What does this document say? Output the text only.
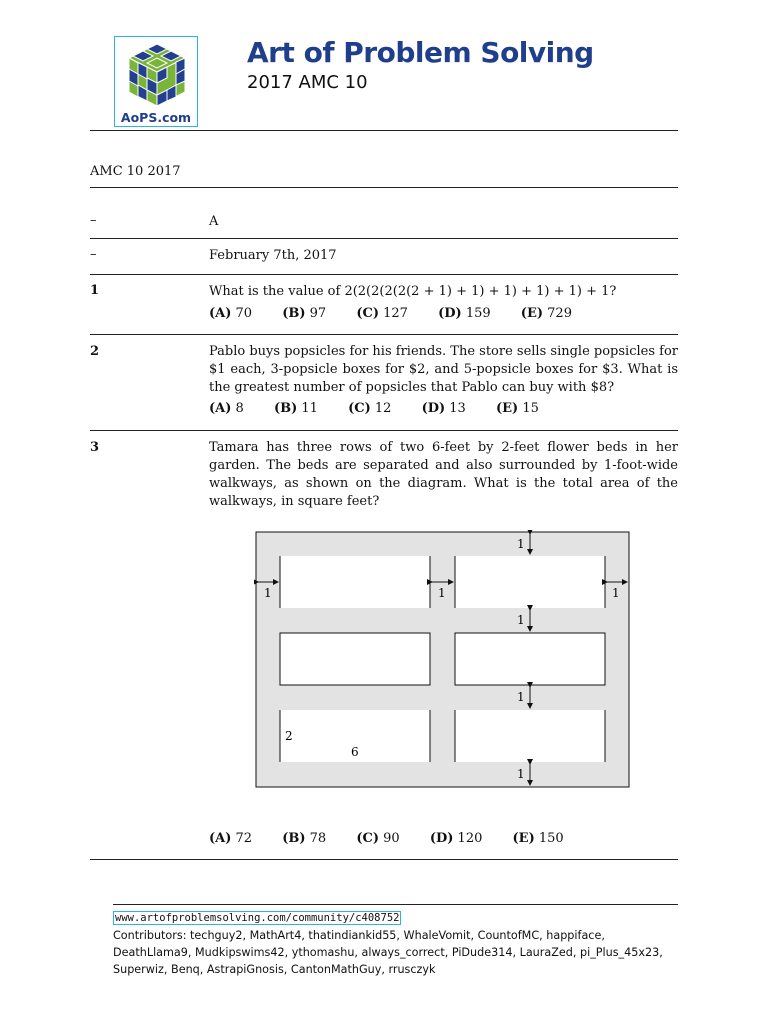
AoPS.com
Art of Problem Solving
2017 AMC 10
AMC 10 2017
–	A
–	February 7th, 2017
1	What is the value of 2(2(2(2(2(2 + 1) + 1) + 1) + 1) + 1) + 1?
(A) 70 (B) 97 (C) 127 (D) 159 (E) 729
2	Pablo buys popsicles for his friends. The store sells single popsicles for $1 each, 3-popsicle boxes for $2, and 5-popsicle boxes for $3. What is the greatest number of popsicles that Pablo can buy with $8?
(A) 8 (B) 11 (C) 12 (D) 13 (E) 15
3	Tamara has three rows of two 6-feet by 2-feet flower beds in her garden. The beds are separated and also surrounded by 1-foot-wide walkways, as shown on the diagram. What is the total area of the walkways, in square feet?
1
1	1	1
1
1
2
6
1
(A) 72 (B) 78 (C) 90 (D) 120 (E) 150
www.artofproblemsolving.com/community/c408752
Contributors: techguy2, MathArt4, thatindiankid55, WhaleVomit, CountofMC, happiface, DeathLlama9, Mudkipswims42, ythomashu, always_correct, PiDude314, LauraZed, pi_Plus_45x23, Superwiz, Benq, AstrapiGnosis, CantonMathGuy, rrusczyk
